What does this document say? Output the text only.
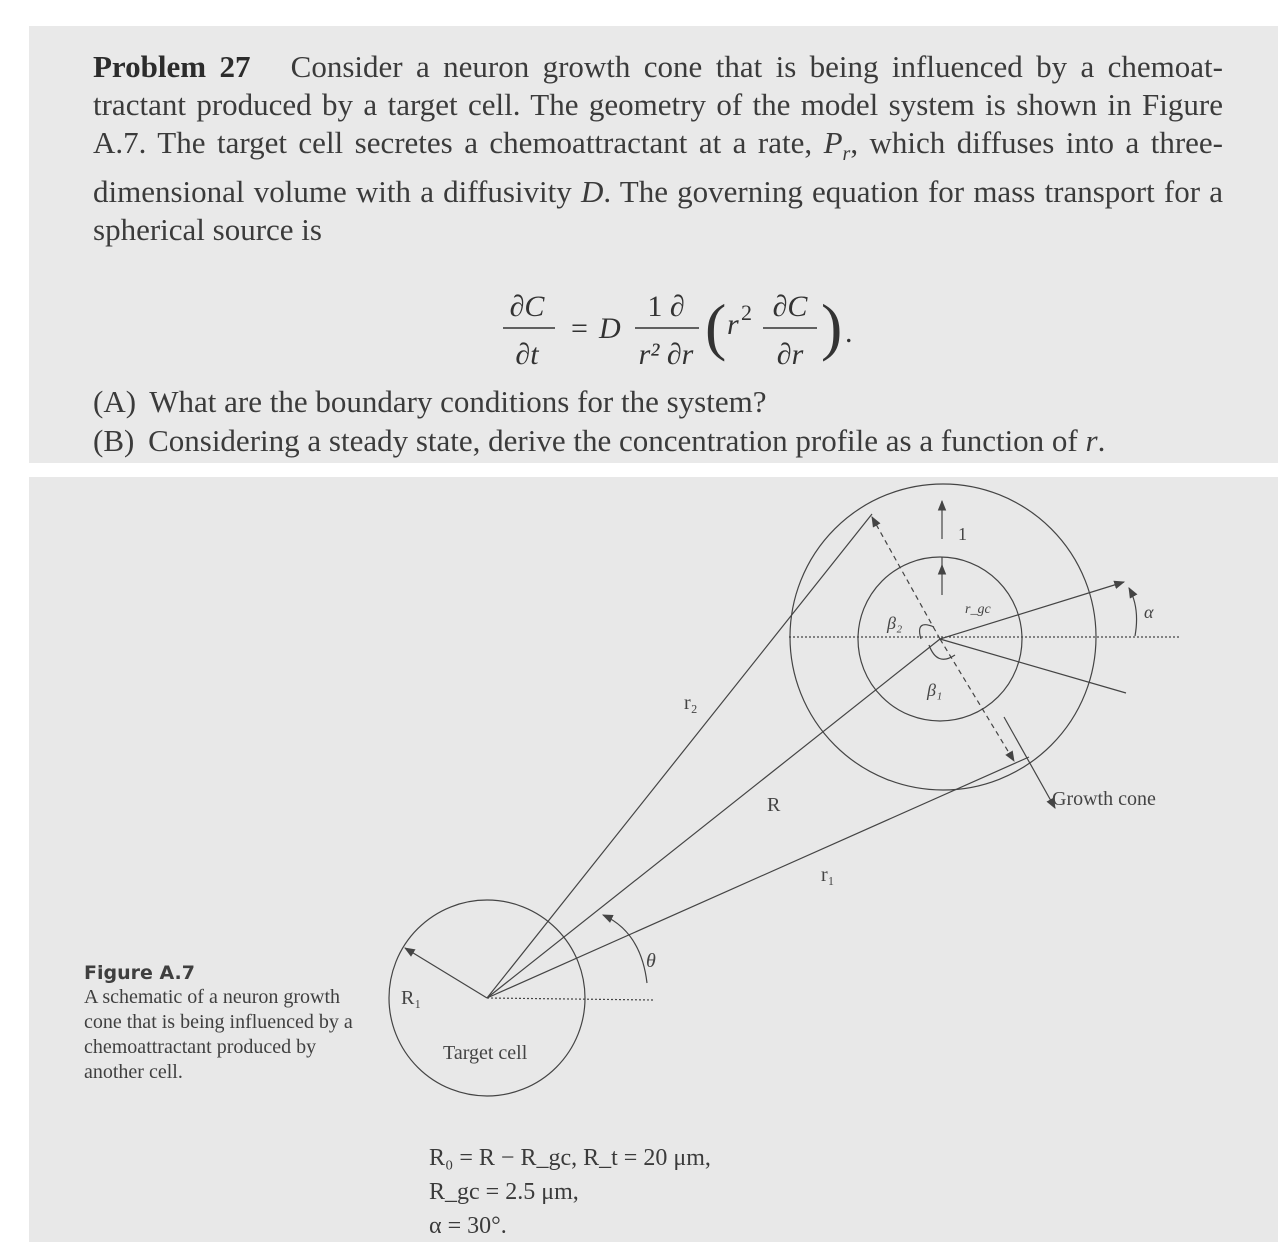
Problem 27 Consider a neuron growth cone that is being influenced by a chemoat-tractant produced by a target cell. The geometry of the model system is shown in Figure A.7. The target cell secretes a chemoattractant at a rate, $P_r$, which diffuses into a three-dimensional volume with a diffusivity D. The governing equation for mass transport for a spherical source is
∂C
∂t
= D
1 ∂
r² ∂r ( r 2 ∂C
∂r ) .
(A) What are the boundary conditions for the system?
(B) Considering a steady state, derive the concentration profile as a function of r.
r₂
R
r₁
R₁
θ
β₁
β₂
r_gc
1
α
Target cell
Growth cone
Figure A.7
A schematic of a neuron growth cone that is being influenced by a chemoattractant produced by another cell.
R₀ = R − R_gc, R_t = 20 μm,
R_gc = 2.5 μm,
α = 30°.
